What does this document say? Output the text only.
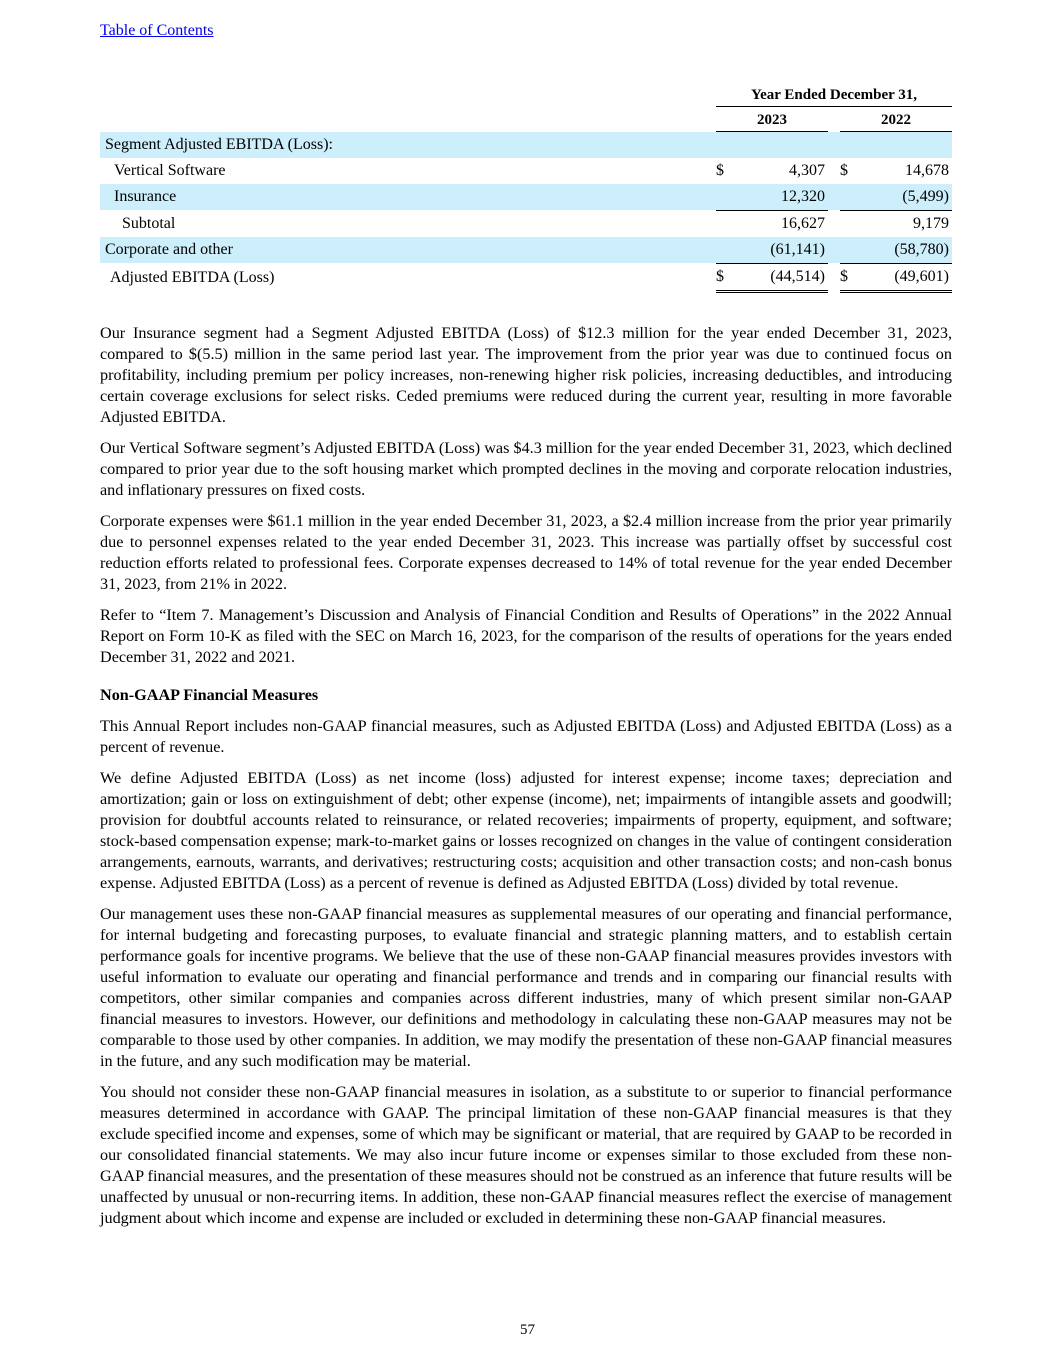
Table of Contents
	Year Ended December 31,				
	2023			2022	
Segment Adjusted EBITDA (Loss):					
Vertical Software	$	4,307		$	14,678
Insurance		12,320			(5,499)
Subtotal		16,627			9,179
Corporate and other		(61,141)			(58,780)
Adjusted EBITDA (Loss)	$	(44,514)		$	(49,601)

Our Insurance segment had a Segment Adjusted EBITDA (Loss) of $12.3 million for the year ended December 31, 2023, compared to $(5.5) million in the same period last year. The improvement from the prior year was due to continued focus on profitability, including premium per policy increases, non-renewing higher risk policies, increasing deductibles, and introducing certain coverage exclusions for select risks. Ceded premiums were reduced during the current year, resulting in more favorable Adjusted EBITDA.

Our Vertical Software segment’s Adjusted EBITDA (Loss) was $4.3 million for the year ended December 31, 2023, which declined compared to prior year due to the soft housing market which prompted declines in the moving and corporate relocation industries, and inflationary pressures on fixed costs.

Corporate expenses were $61.1 million in the year ended December 31, 2023, a $2.4 million increase from the prior year primarily due to personnel expenses related to the year ended December 31, 2023. This increase was partially offset by successful cost reduction efforts related to professional fees. Corporate expenses decreased to 14% of total revenue for the year ended December 31, 2023, from 21% in 2022.

Refer to “Item 7. Management’s Discussion and Analysis of Financial Condition and Results of Operations” in the 2022 Annual Report on Form 10-K as filed with the SEC on March 16, 2023, for the comparison of the results of operations for the years ended December 31, 2022 and 2021.

Non-GAAP Financial Measures

This Annual Report includes non-GAAP financial measures, such as Adjusted EBITDA (Loss) and Adjusted EBITDA (Loss) as a percent of revenue.

We define Adjusted EBITDA (Loss) as net income (loss) adjusted for interest expense; income taxes; depreciation and amortization; gain or loss on extinguishment of debt; other expense (income), net; impairments of intangible assets and goodwill; provision for doubtful accounts related to reinsurance, or related recoveries; impairments of property, equipment, and software; stock-based compensation expense; mark-to-market gains or losses recognized on changes in the value of contingent consideration arrangements, earnouts, warrants, and derivatives; restructuring costs; acquisition and other transaction costs; and non-cash bonus expense. Adjusted EBITDA (Loss) as a percent of revenue is defined as Adjusted EBITDA (Loss) divided by total revenue.

Our management uses these non-GAAP financial measures as supplemental measures of our operating and financial performance, for internal budgeting and forecasting purposes, to evaluate financial and strategic planning matters, and to establish certain performance goals for incentive programs. We believe that the use of these non-GAAP financial measures provides investors with useful information to evaluate our operating and financial performance and trends and in comparing our financial results with competitors, other similar companies and companies across different industries, many of which present similar non-GAAP financial measures to investors. However, our definitions and methodology in calculating these non-GAAP measures may not be comparable to those used by other companies. In addition, we may modify the presentation of these non-GAAP financial measures in the future, and any such modification may be material.

You should not consider these non-GAAP financial measures in isolation, as a substitute to or superior to financial performance measures determined in accordance with GAAP. The principal limitation of these non-GAAP financial measures is that they exclude specified income and expenses, some of which may be significant or material, that are required by GAAP to be recorded in our consolidated financial statements. We may also incur future income or expenses similar to those excluded from these non-GAAP financial measures, and the presentation of these measures should not be construed as an inference that future results will be unaffected by unusual or non-recurring items. In addition, these non-GAAP financial measures reflect the exercise of management judgment about which income and expense are included or excluded in determining these non-GAAP financial measures.

57
